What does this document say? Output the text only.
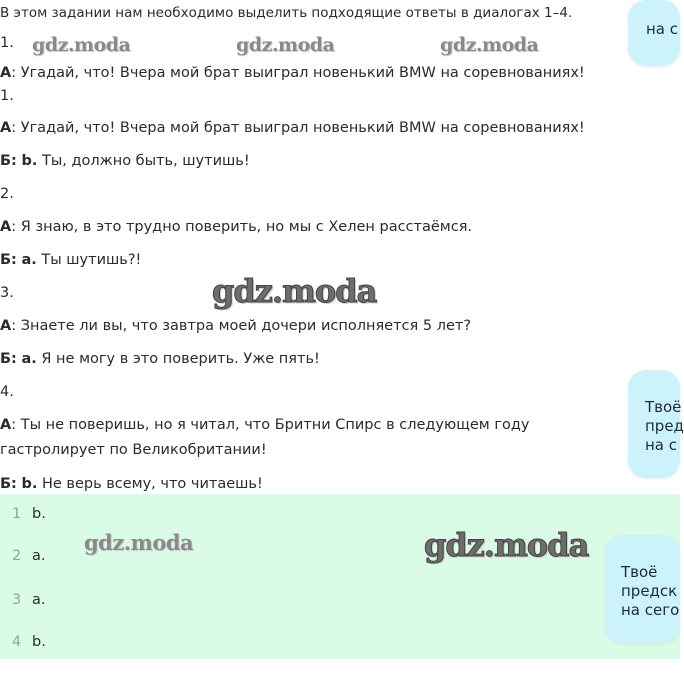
В этом задании нам необходимо выделить подходящие ответы в диалогах 1–4.
1. gdz.moda	gdz.moda	gdz.moda
А: Угадай, что! Вчера мой брат выиграл новенький BMW на соревнованиях!
1.
А: Угадай, что! Вчера мой брат выиграл новенький BMW на соревнованиях!
Б: b. Ты, должно быть, шутишь!
2.
А: Я знаю, в это трудно поверить, но мы с Хелен расстаёмся.
Б: а. Ты шутишь?!
3.	gdz.moda
А: Знаете ли вы, что завтра моей дочери исполняется 5 лет?
Б: а. Я не могу в это поверить. Уже пять!
4.
А: Ты не поверишь, но я читал, что Бритни Спирс в следующем году гастролирует по Великобритании!
Б: b. Не верь всему, что читаешь!
1 b.
2 a.
3 a.
4 b.
gdz.moda	gdz.moda
на с
Твоё
пред
на с
Твоё
предск
на сего
